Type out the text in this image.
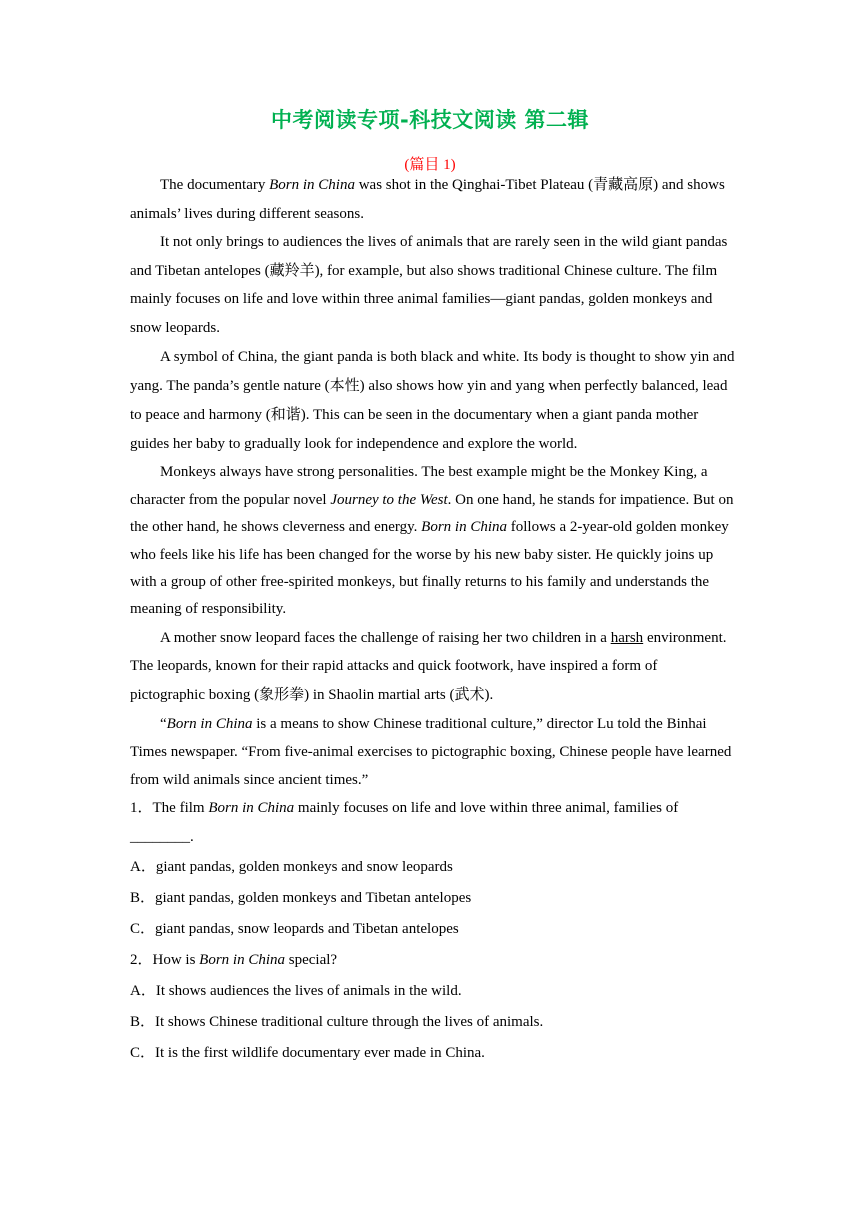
中考阅读专项-科技文阅读 第二辑
(篇目 1)

The documentary Born in China was shot in the Qinghai-Tibet Plateau (青藏高原) and shows animals’ lives during different seasons.

It not only brings to audiences the lives of animals that are rarely seen in the wild giant pandas and Tibetan antelopes (藏羚羊), for example, but also shows traditional Chinese culture. The film mainly focuses on life and love within three animal families—giant pandas, golden monkeys and snow leopards.

A symbol of China, the giant panda is both black and white. Its body is thought to show yin and yang. The panda’s gentle nature (本性) also shows how yin and yang when perfectly balanced, lead to peace and harmony (和谐). This can be seen in the documentary when a giant panda mother guides her baby to gradually look for independence and explore the world.

Monkeys always have strong personalities. The best example might be the Monkey King, a character from the popular novel Journey to the West. On one hand, he stands for impatience. But on the other hand, he shows cleverness and energy. Born in China follows a 2-year-old golden monkey who feels like his life has been changed for the worse by his new baby sister. He quickly joins up with a group of other free-spirited monkeys, but finally returns to his family and understands the meaning of responsibility.

A mother snow leopard faces the challenge of raising her two children in a harsh environment. The leopards, known for their rapid attacks and quick footwork, have inspired a form of pictographic boxing (象形拳) in Shaolin martial arts (武术).

“Born in China is a means to show Chinese traditional culture,” director Lu told the Binhai Times newspaper. “From five-animal exercises to pictographic boxing, Chinese people have learned from wild animals since ancient times.”

1．The film Born in China mainly focuses on life and love within three animal, families of

________.

A．giant pandas, golden monkeys and snow leopards

B．giant pandas, golden monkeys and Tibetan antelopes

C．giant pandas, snow leopards and Tibetan antelopes

2．How is Born in China special?

A．It shows audiences the lives of animals in the wild.

B．It shows Chinese traditional culture through the lives of animals.

C．It is the first wildlife documentary ever made in China.
